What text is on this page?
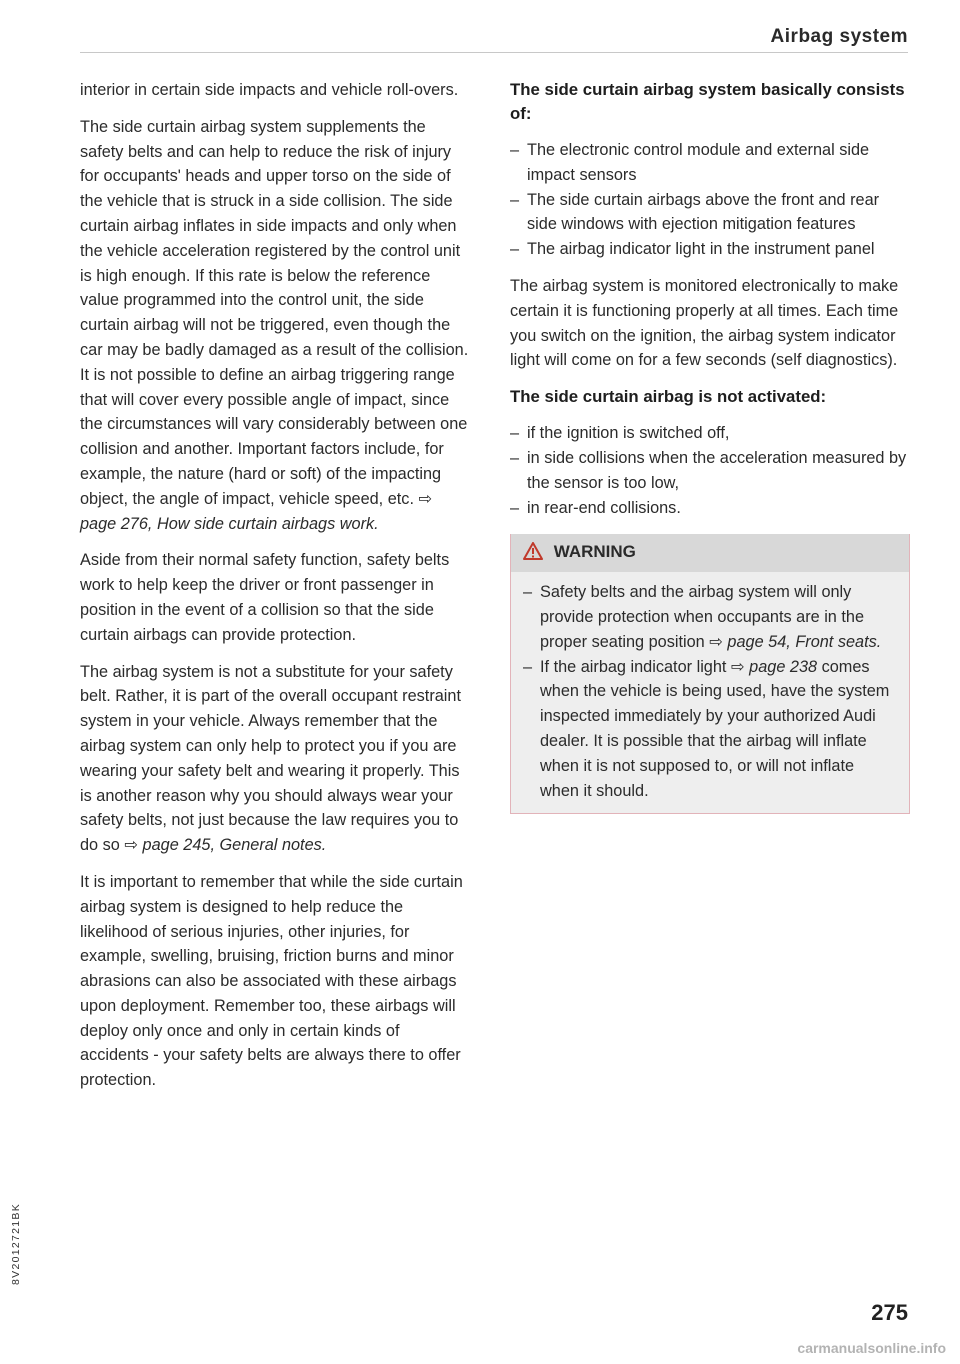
Airbag system

interior in certain side impacts and vehicle roll-overs.

The side curtain airbag system supplements the safety belts and can help to reduce the risk of injury for occupants' heads and upper torso on the side of the vehicle that is struck in a side collision. The side curtain airbag inflates in side impacts and only when the vehicle acceleration registered by the control unit is high enough. If this rate is below the reference value programmed into the control unit, the side curtain airbag will not be triggered, even though the car may be badly damaged as a result of the collision. It is not possible to define an airbag triggering range that will cover every possible angle of impact, since the circumstances will vary considerably between one collision and another. Important factors include, for example, the nature (hard or soft) of the impacting object, the angle of impact, vehicle speed, etc. ⇨ page 276, How side curtain airbags work.

Aside from their normal safety function, safety belts work to help keep the driver or front passenger in position in the event of a collision so that the side curtain airbags can provide protection.

The airbag system is not a substitute for your safety belt. Rather, it is part of the overall occupant restraint system in your vehicle. Always remember that the airbag system can only help to protect you if you are wearing your safety belt and wearing it properly. This is another reason why you should always wear your safety belts, not just because the law requires you to do so ⇨ page 245, General notes.

It is important to remember that while the side curtain airbag system is designed to help reduce the likelihood of serious injuries, other injuries, for example, swelling, bruising, friction burns and minor abrasions can also be associated with these airbags upon deployment. Remember too, these airbags will deploy only once and only in certain kinds of accidents - your safety belts are always there to offer protection.

The side curtain airbag system basically consists of:
– The electronic control module and external side impact sensors
– The side curtain airbags above the front and rear side windows with ejection mitigation features
– The airbag indicator light in the instrument panel

The airbag system is monitored electronically to make certain it is functioning properly at all times. Each time you switch on the ignition, the airbag system indicator light will come on for a few seconds (self diagnostics).

The side curtain airbag is not activated:
– if the ignition is switched off,
– in side collisions when the acceleration measured by the sensor is too low,
– in rear-end collisions.
WARNING
– Safety belts and the airbag system will only provide protection when occupants are in the proper seating position ⇨ page 54, Front seats.
– If the airbag indicator light ⇨ page 238 comes when the vehicle is being used, have the system inspected immediately by your authorized Audi dealer. It is possible that the airbag will inflate when it is not supposed to, or will not inflate when it should.
275
8V2012721BK
carmanualsonline.info
